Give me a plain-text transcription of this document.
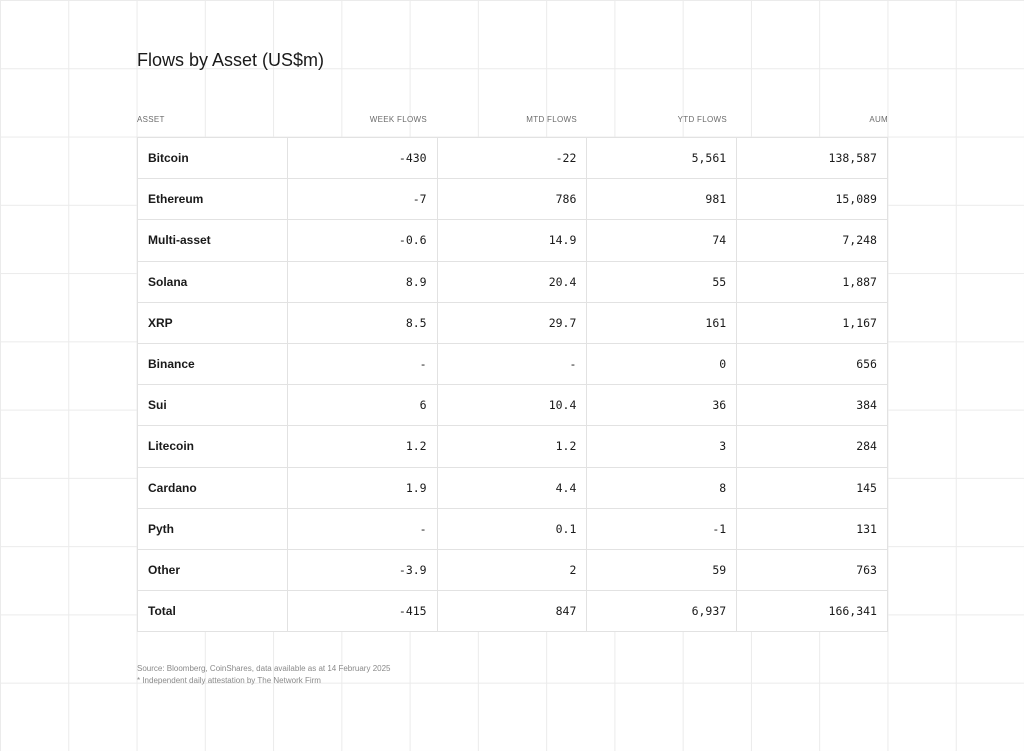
Flows by Asset (US$m)
ASSET	WEEK FLOWS	MTD FLOWS	YTD FLOWS	AUM
Bitcoin	-430	-22	5,561	138,587
Ethereum	-7	786	981	15,089
Multi-asset	-0.6	14.9	74	7,248
Solana	8.9	20.4	55	1,887
XRP	8.5	29.7	161	1,167
Binance	-	-	0	656
Sui	6	10.4	36	384
Litecoin	1.2	1.2	3	284
Cardano	1.9	4.4	8	145
Pyth	-	0.1	-1	131
Other	-3.9	2	59	763
Total	-415	847	6,937	166,341
Source: Bloomberg, CoinShares, data available as at 14 February 2025
* Independent daily attestation by The Network Firm
